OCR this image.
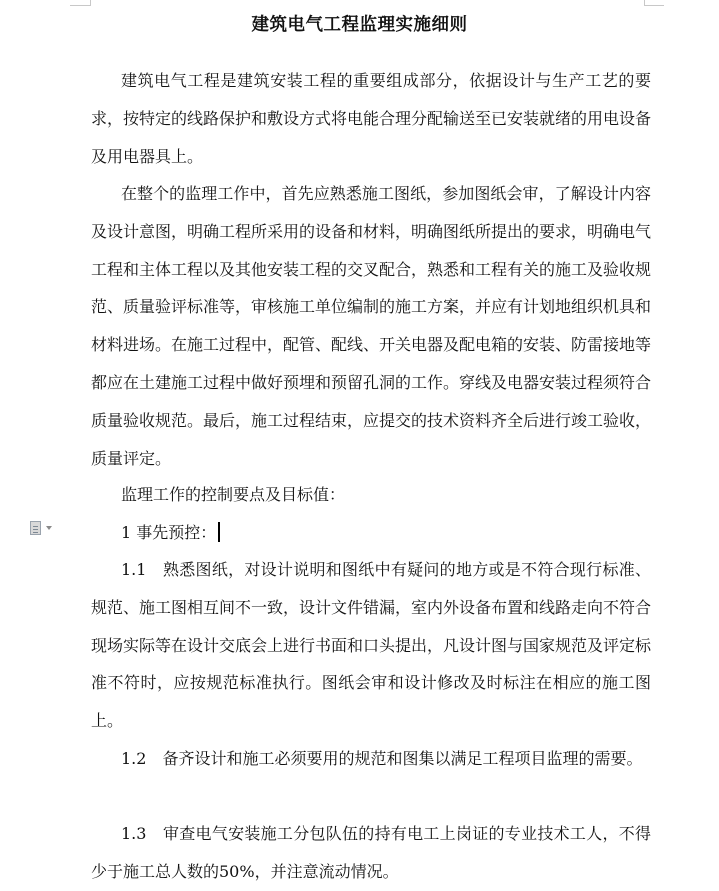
建筑电气工程监理实施细则
建筑电气工程是建筑安装工程的重要组成部分，依据设计与生产工艺的要求，按特定的线路保护和敷设方式将电能合理分配输送至已安装就绪的用电设备及用电器具上。
在整个的监理工作中，首先应熟悉施工图纸，参加图纸会审，了解设计内容及设计意图，明确工程所采用的设备和材料，明确图纸所提出的要求，明确电气工程和主体工程以及其他安装工程的交叉配合，熟悉和工程有关的施工及验收规范、质量验评标准等，审核施工单位编制的施工方案，并应有计划地组织机具和材料进场。在施工过程中，配管、配线、开关电器及配电箱的安装、防雷接地等都应在土建施工过程中做好预埋和预留孔洞的工作。穿线及电器安装过程须符合质量验收规范。最后，施工过程结束，应提交的技术资料齐全后进行竣工验收，质量评定。
监理工作的控制要点及目标值：
1 事先预控：
1.1　熟悉图纸，对设计说明和图纸中有疑问的地方或是不符合现行标准、规范、施工图相互间不一致，设计文件错漏，室内外设备布置和线路走向不符合现场实际等在设计交底会上进行书面和口头提出，凡设计图与国家规范及评定标准不符时，应按规范标准执行。图纸会审和设计修改及时标注在相应的施工图上。
1.2　备齐设计和施工必须要用的规范和图集以满足工程项目监理的需要。
1.3　审查电气安装施工分包队伍的持有电工上岗证的专业技术工人，不得少于施工总人数的50%，并注意流动情况。
